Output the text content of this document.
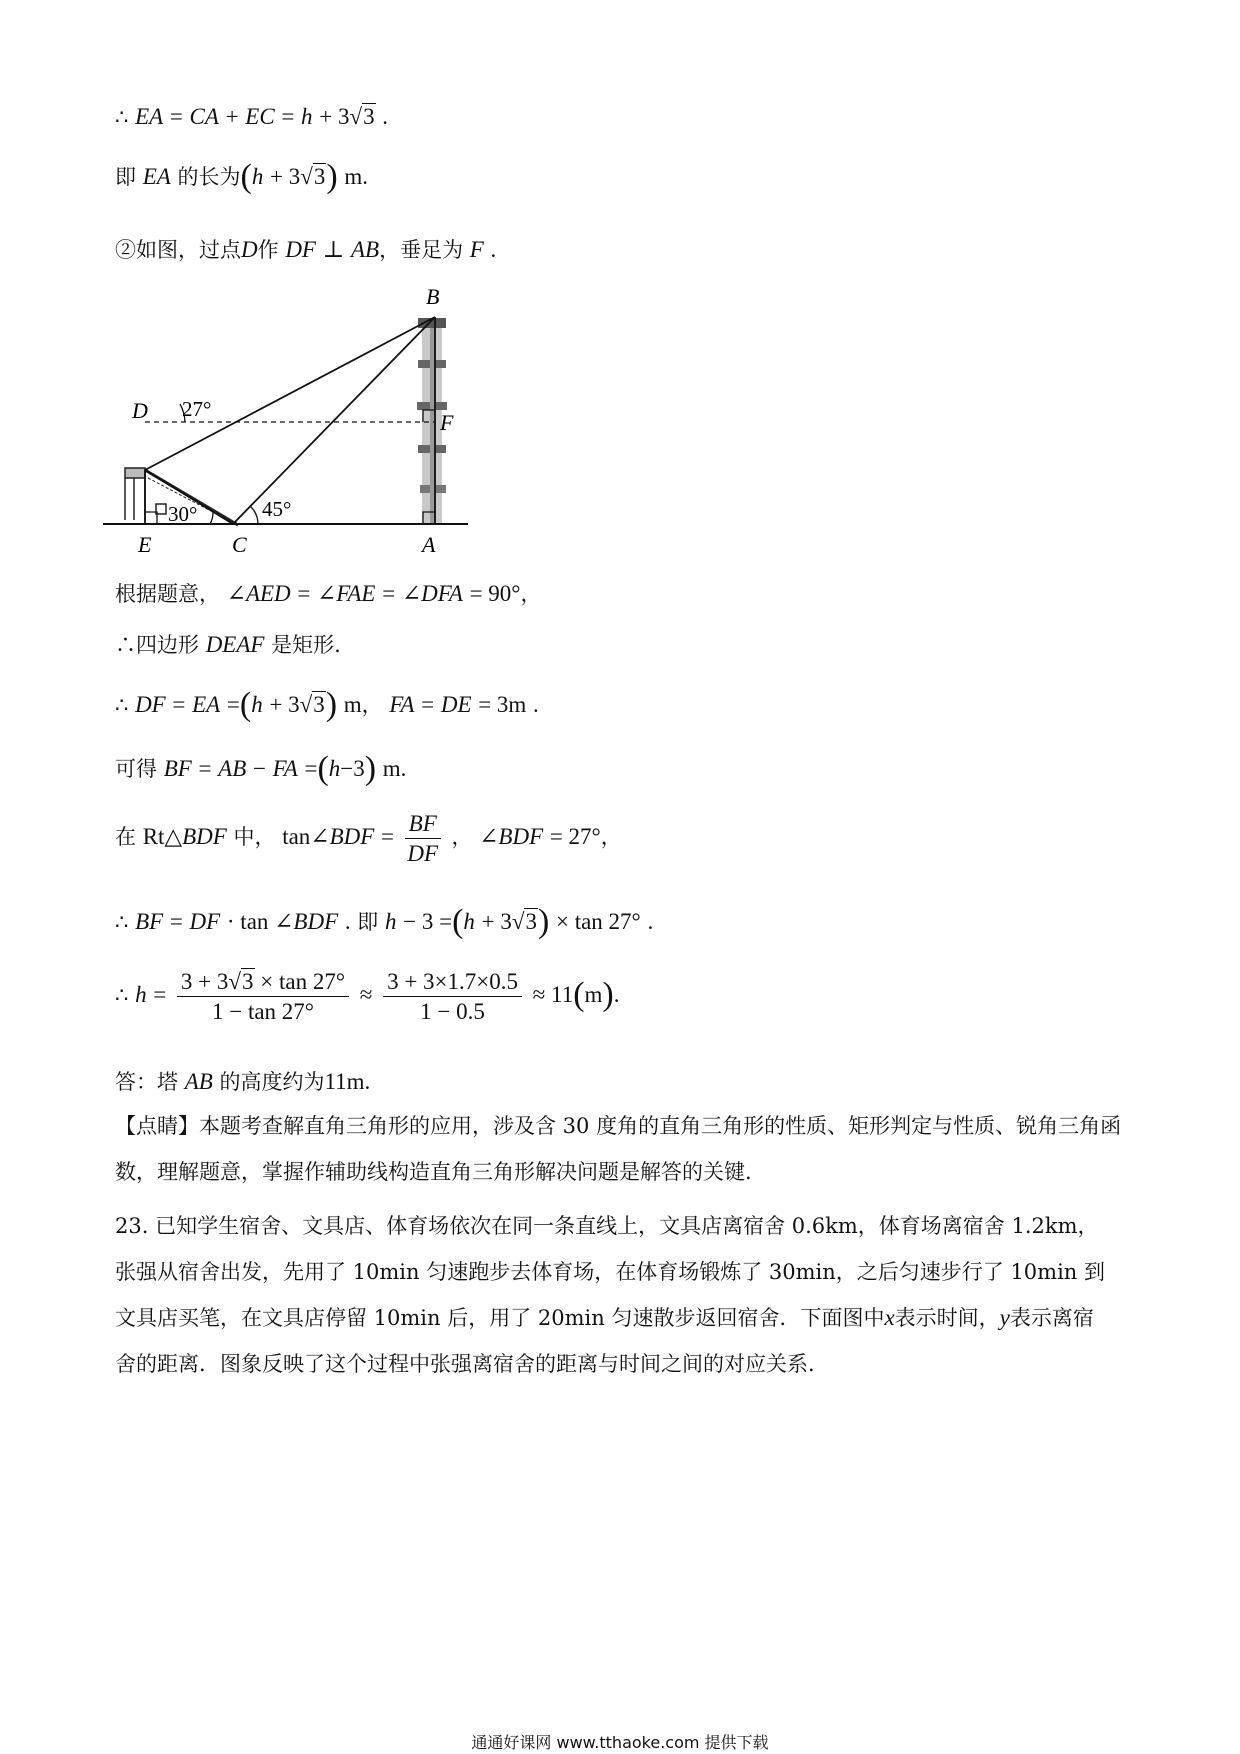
∴ EA = CA + EC = h + 3√3 .
即 EA 的长为(h + 3√3) m.
②如图，过点D作 DF ⊥ AB，垂足为 F .
B
D	F
E	C	A
27°
30°	45°
根据题意， ∠AED = ∠FAE = ∠DFA = 90°，
∴四边形 DEAF 是矩形.
∴ DF = EA =(h + 3√3) m， FA = DE = 3m .
可得 BF = AB − FA =(h−3) m.
在 Rt△BDF 中， tan∠BDF = $\frac{BF}{DF}$ ， ∠BDF = 27°，
∴ BF = DF · tan ∠BDF . 即 h − 3 =(h + 3√3) × tan 27° .
∴ $h = \frac{3 + 3√3 \times \tan 27^\circ}{1 - \tan 27^\circ} \approx \frac{3 + 3\times 1.7\times 0.5}{1 - 0.5} \approx 11(m)$.
答：塔 AB 的高度约为11m.
【点睛】本题考查解直角三角形的应用，涉及含 30 度角的直角三角形的性质、矩形判定与性质、锐角三角函数，理解题意，掌握作辅助线构造直角三角形解决问题是解答的关键.
23. 已知学生宿舍、文具店、体育场依次在同一条直线上，文具店离宿舍 0.6km，体育场离宿舍 1.2km，
张强从宿舍出发，先用了 10min 匀速跑步去体育场，在体育场锻炼了 30min，之后匀速步行了 10min 到
文具店买笔，在文具店停留 10min 后，用了 20min 匀速散步返回宿舍．下面图中x表示时间，y表示离宿
舍的距离．图象反映了这个过程中张强离宿舍的距离与时间之间的对应关系．
通通好课网 www.tthaoke.com 提供下载
